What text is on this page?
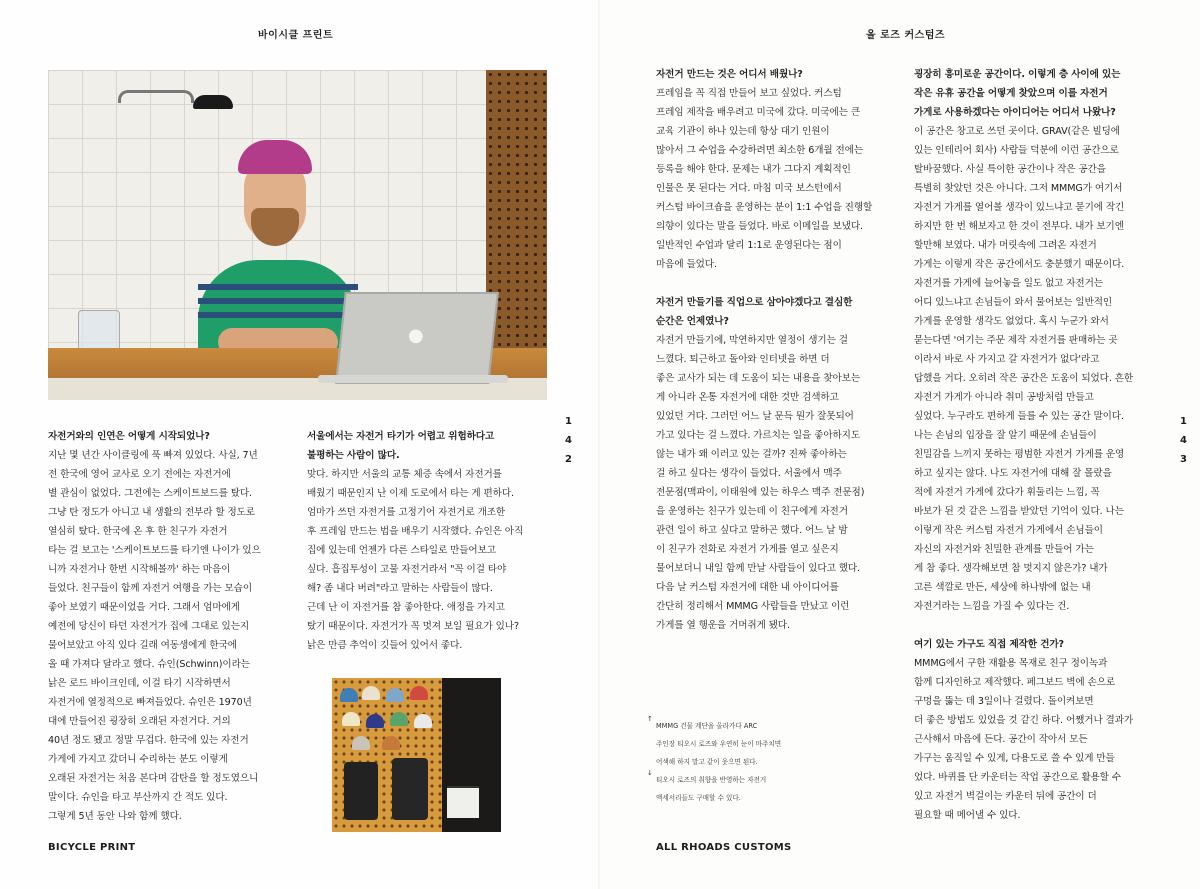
바이시클 프린트
●
1
4
2

자전거와의 인연은 어떻게 시작되었나?

지난 몇 년간 사이클링에 푹 빠져 있었다. 사실, 7년

전 한국에 영어 교사로 오기 전에는 자전거에

별 관심이 없었다. 그전에는 스케이트보드를 탔다.

그냥 탄 정도가 아니고 내 생활의 전부라 할 정도로

열심히 탔다. 한국에 온 후 한 친구가 자전거

타는 걸 보고는 '스케이트보드를 타기엔 나이가 있으

니까 자전거나 한번 시작해볼까' 하는 마음이

들었다. 친구들이 함께 자전거 여행을 가는 모습이

좋아 보였기 때문이었을 거다. 그래서 엄마에게

예전에 당신이 타던 자전거가 집에 그대로 있는지

물어보았고 아직 있다 길래 여동생에게 한국에

올 때 가져다 달라고 했다. 슈인(Schwinn)이라는

낡은 로드 바이크인데, 이걸 타기 시작하면서

자전거에 열정적으로 빠져들었다. 슈인은 1970년

대에 만들어진 굉장히 오래된 자전거다. 거의

40년 정도 됐고 정말 무겁다. 한국에 있는 자전거

가게에 가지고 갔더니 수리하는 분도 이렇게

오래된 자전거는 처음 본다며 감탄을 할 정도였으니

말이다. 슈인을 타고 부산까지 간 적도 있다.

그렇게 5년 동안 나와 함께 했다.

서울에서는 자전거 타기가 어렵고 위험하다고

불평하는 사람이 많다.

맞다. 하지만 서울의 교통 체증 속에서 자전거를

배웠기 때문인지 난 이제 도로에서 타는 게 편하다.

엄마가 쓰던 자전거를 고정기어 자전거로 개조한

후 프레임 만드는 법을 배우기 시작했다. 슈인은 아직

집에 있는데 언젠가 다른 스타일로 만들어보고

싶다. 흡집투성이 고물 자전거라서 "꼭 이걸 타야

해? 좀 내다 버려"라고 말하는 사람들이 많다.

근데 난 이 자전거를 참 좋아한다. 애정을 가지고

탔기 때문이다. 자전거가 꼭 멋져 보일 필요가 있나?

낡은 만큼 추억이 깃들어 있어서 좋다.

BICYCLE PRINT
올 로즈 커스텀즈

자전거 만드는 것은 어디서 배웠나?

프레임을 꼭 직접 만들어 보고 싶었다. 커스텀

프레임 제작을 배우려고 미국에 갔다. 미국에는 큰

교육 기관이 하나 있는데 항상 대기 인원이

많아서 그 수업을 수강하려면 최소한 6개월 전에는

등록을 해야 한다. 문제는 내가 그다지 계획적인

인물은 못 된다는 거다. 마침 미국 보스턴에서

커스텀 바이크숍을 운영하는 분이 1:1 수업을 진행할

의향이 있다는 말을 들었다. 바로 이메일을 보냈다.

일반적인 수업과 달리 1:1로 운영된다는 점이

마음에 들었다.

자전거 만들기를 직업으로 삼아야겠다고 결심한

순간은 언제였나?

자전거 만들기에, 막연하지만 열정이 생기는 걸

느꼈다. 퇴근하고 돌아와 인터넷을 하면 더

좋은 교사가 되는 데 도움이 되는 내용을 찾아보는

게 아니라 온통 자전거에 대한 것만 검색하고

있었던 거다. 그러던 어느 날 문득 뭔가 잘못되어

가고 있다는 걸 느꼈다. 가르치는 일을 좋아하지도

않는 내가 왜 이러고 있는 걸까? 진짜 좋아하는

걸 하고 싶다는 생각이 들었다. 서울에서 맥주

전문점(맥파이, 이태원에 있는 하우스 맥주 전문점)

을 운영하는 친구가 있는데 이 친구에게 자전거

관련 일이 하고 싶다고 말하곤 했다. 어느 날 밤

이 친구가 전화로 자전거 가게를 열고 싶은지

물어보더니 내일 함께 만날 사람들이 있다고 했다.

다음 날 커스텀 자전거에 대한 내 아이디어를

간단히 정리해서 MMMG 사람들을 만났고 이런

가게를 열 행운을 거머쥐게 됐다.

↑

MMMG 건물 계단을 올라가다 ARC

주인장 티오시 로즈와 우연히 눈이 마주치면

어색해 하지 말고 같이 웃으면 된다.

↓

티오시 로즈의 취향을 반영하는 자전거

액세서리들도 구매할 수 있다.

굉장히 흥미로운 공간이다. 이렇게 층 사이에 있는

작은 유휴 공간을 어떻게 찾았으며 이를 자전거

가게로 사용하겠다는 아이디어는 어디서 나왔나?

이 공간은 창고로 쓰던 곳이다. GRAV(같은 빌딩에

있는 인테리어 회사) 사람들 덕분에 이런 공간으로

탈바꿈했다. 사실 특이한 공간이나 작은 공간을

특별히 찾았던 것은 아니다. 그저 MMMG가 여기서

자전거 가게를 열어볼 생각이 있느냐고 묻기에 작긴

하지만 한 번 해보자고 한 것이 전부다. 내가 보기엔

할만해 보였다. 내가 머릿속에 그려온 자전거

가게는 이렇게 작은 공간에서도 충분했기 때문이다.

자전거를 가게에 늘어놓을 일도 없고 자전거는

어디 있느냐고 손님들이 와서 물어보는 일반적인

가게를 운영할 생각도 없었다. 혹시 누군가 와서

묻는다면 '여기는 주문 제작 자전거를 판매하는 곳

이라서 바로 사 가지고 갈 자전거가 없다'라고

답했을 거다. 오히려 작은 공간은 도움이 되었다. 흔한

자전거 가게가 아니라 취미 공방처럼 만들고

싶었다. 누구라도 편하게 들를 수 있는 공간 말이다.

나는 손님의 입장을 잘 알기 때문에 손님들이

친밀감을 느끼지 못하는 평범한 자전거 가게를 운영

하고 싶지는 않다. 나도 자전거에 대해 잘 몰랐을

적에 자전거 가게에 갔다가 휘둘리는 느낌, 꼭

바보가 된 것 같은 느낌을 받았던 기억이 있다. 나는

이렇게 작은 커스텀 자전거 가게에서 손님들이

자신의 자전거와 친밀한 관계를 만들어 가는

게 참 좋다. 생각해보면 참 멋지지 않은가? 내가

고른 색깔로 만든, 세상에 하나밖에 없는 내

자전거라는 느낌을 가질 수 있다는 건.

여기 있는 가구도 직접 제작한 건가?

MMMG에서 구한 재활용 목재로 친구 정이녹과

함께 디자인하고 제작했다. 페그보드 벽에 손으로

구멍을 뚫는 데 3일이나 걸렸다. 돌이켜보면

더 좋은 방법도 있었을 것 같긴 하다. 어쨌거나 결과가

근사해서 마음에 든다. 공간이 작아서 모든

가구는 움직일 수 있게, 다용도로 쓸 수 있게 만들

었다. 바퀴를 단 카운터는 작업 공간으로 활용할 수

있고 자전거 벽걸이는 카운터 뒤에 공간이 더

필요할 때 메어낼 수 있다.

1
4
3
ALL RHOADS CUSTOMS
